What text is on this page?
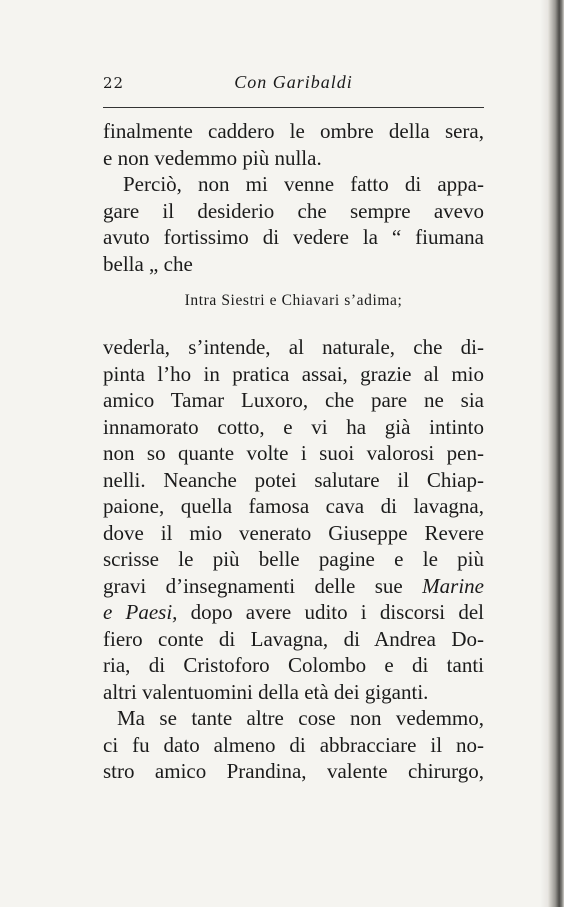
22	Con Garibaldi
finalmente caddero le ombre della sera,
e non vedemmo più nulla.
Perciò, non mi venne fatto di appa-
gare il desiderio che sempre avevo
avuto fortissimo di vedere la “ fiumana
bella „ che
Intra Siestri e Chiavari s’adima;
vederla, s’intende, al naturale, che di-
pinta l’ho in pratica assai, grazie al mio
amico Tamar Luxoro, che pare ne sia
innamorato cotto, e vi ha già intinto
non so quante volte i suoi valorosi pen-
nelli. Neanche potei salutare il Chiap-
paione, quella famosa cava di lavagna,
dove il mio venerato Giuseppe Revere
scrisse le più belle pagine e le più
gravi d’insegnamenti delle sue Marine
e Paesi, dopo avere udito i discorsi del
fiero conte di Lavagna, di Andrea Do-
ria, di Cristoforo Colombo e di tanti
altri valentuomini della età dei giganti.
Ma se tante altre cose non vedemmo,
ci fu dato almeno di abbracciare il no-
stro amico Prandina, valente chirurgo,
